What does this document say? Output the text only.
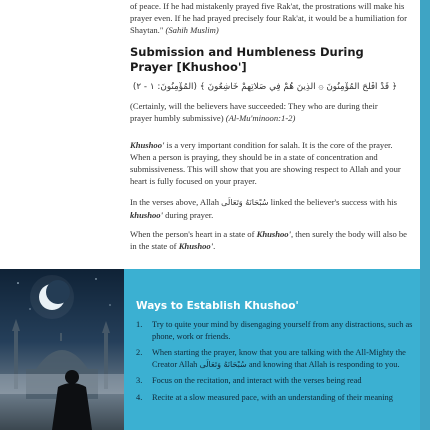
of peace. If he had mistakenly prayed five Rak'at, the prostrations will make his prayer even. If he had prayed precisely four Rak'at, it would be a humiliation for Shaytan." (Sahih Muslim)

Submission and Humbleness During Prayer [Khushoo']
﴿ قَدْ أَفْلَحَ الْمُؤْمِنُونَ ۞ الَّذِينَ هُمْ فِي صَلَاتِهِمْ خَاشِعُونَ ﴾ (الْمُؤْمِنُونَ: ١ - ٢)
(Certainly, will the believers have succeeded: They who are during their prayer humbly submissive) (Al-Mu'minoon:1-2)

Khushoo' is a very important condition for salah. It is the core of the prayer. When a person is praying, they should be in a state of concentration and submissiveness. This will show that you are showing respect to Allah and your heart is fully focused on your prayer.

In the verses above, Allah سُبْحَانَهُ وَتَعَالَى linked the believer's success with his khushoo' during prayer.

When the person's heart in a state of Khushoo', then surely the body will also be in the state of Khushoo'.

Ways to Establish Khushoo'
1. Try to quite your mind by disengaging yourself from any distractions, such as phone, work or friends.
2. When starting the prayer, know that you are talking with the All-Mighty the Creator Allah سُبْحَانَهُ وَتَعَالَى and knowing that Allah is responding to you.
3. Focus on the recitation, and interact with the verses being read
4. Recite at a slow measured pace, with an understanding of their meaning
